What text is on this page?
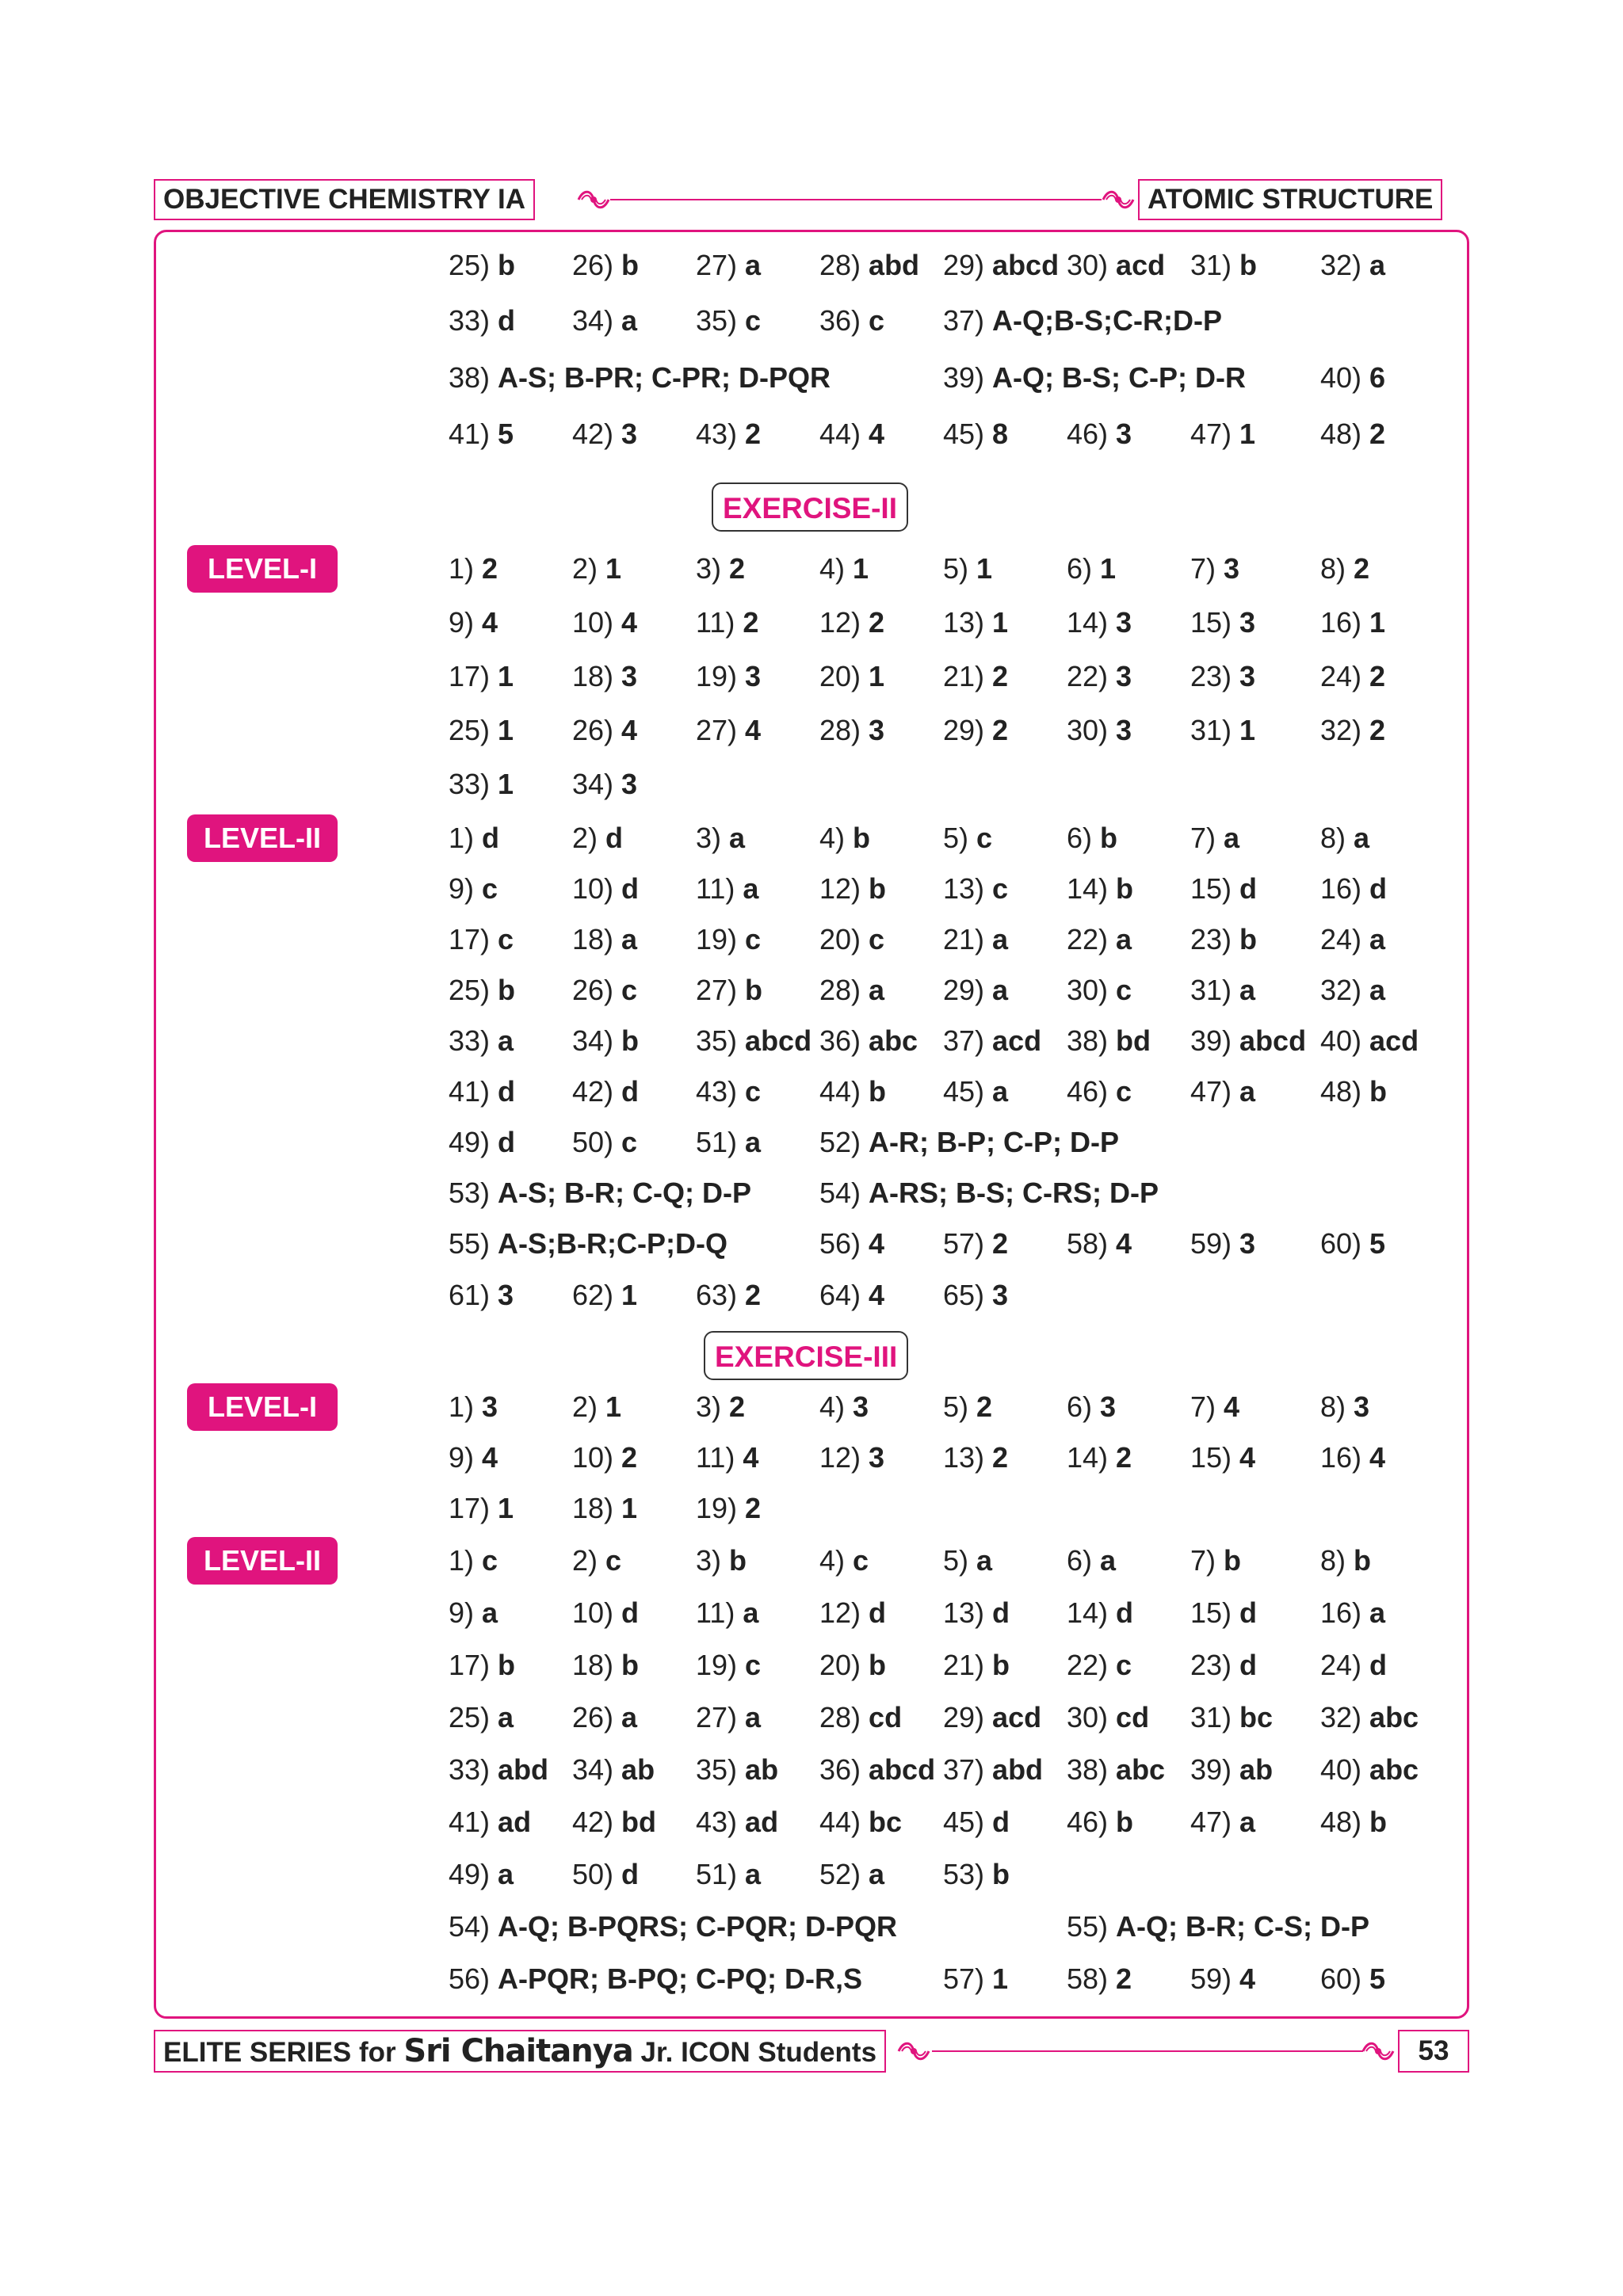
OBJECTIVE CHEMISTRY IA	ATOMIC STRUCTURE
25) b 26) b 27) a 28) abd 29) abcd 30) acd 31) b 32) a
33) d 34) a 35) c 36) c 37) A-Q;B-S;C-R;D-P
38) A-S; B-PR; C-PR; D-PQR	39) A-Q; B-S; C-P; D-R	40) 6
41) 5 42) 3 43) 2 44) 4 45) 8 46) 3 47) 1 48) 2
EXERCISE-II
LEVEL-I	1) 2	2) 1	3) 2	4) 1	5) 1	6) 1	7) 3	8) 2
9) 4	10) 4 11) 2 12) 2 13) 1 14) 3 15) 3 16) 1
17) 1 18) 3 19) 3 20) 1 21) 2 22) 3 23) 3 24) 2
25) 1 26) 4 27) 4 28) 3 29) 2 30) 3 31) 1 32) 2
33) 1 34) 3
LEVEL-II	1) d	2) d	3) a	4) b	5) c	6) b	7) a	8) a
9) c	10) d 11) a 12) b 13) c 14) b 15) d 16) d
17) c 18) a 19) c 20) c 21) a 22) a 23) b 24) a
25) b 26) c 27) b 28) a 29) a 30) c 31) a 32) a
33) a 34) b 35) abcd 36) abc 37) acd 38) bd 39) abcd 40) acd
41) d 42) d 43) c 44) b 45) a 46) c 47) a 48) b
49) d 50) c 51) a 52) A-R; B-P; C-P; D-P
53) A-S; B-R; C-Q; D-P 54) A-RS; B-S; C-RS; D-P
55) A-S;B-R;C-P;D-Q	56) 4 57) 2 58) 4 59) 3 60) 5
61) 3 62) 1 63) 2 64) 4 65) 3
EXERCISE-III
LEVEL-I	1) 3	2) 1	3) 2	4) 3	5) 2	6) 3	7) 4	8) 3
9) 4	10) 2 11) 4 12) 3 13) 2 14) 2 15) 4 16) 4
17) 1 18) 1 19) 2
LEVEL-II	1) c	2) c	3) b	4) c	5) a	6) a	7) b	8) b
9) a	10) d 11) a 12) d 13) d 14) d 15) d 16) a
17) b 18) b 19) c 20) b 21) b 22) c 23) d 24) d
25) a 26) a 27) a 28) cd 29) acd 30) cd 31) bc 32) abc
33) abd 34) ab 35) ab 36) abcd 37) abd 38) abc 39) ab 40) abc
41) ad 42) bd 43) ad 44) bc 45) d 46) b 47) a 48) b
49) a 50) d 51) a 52) a 53) b
54) A-Q; B-PQRS; C-PQR; D-PQR	55) A-Q; B-R; C-S; D-P
56) A-PQR; B-PQ; C-PQ; D-R,S	57) 1 58) 2 59) 4 60) 5
ELITE SERIES for Sri Chaitanya Jr. ICON Students	53
